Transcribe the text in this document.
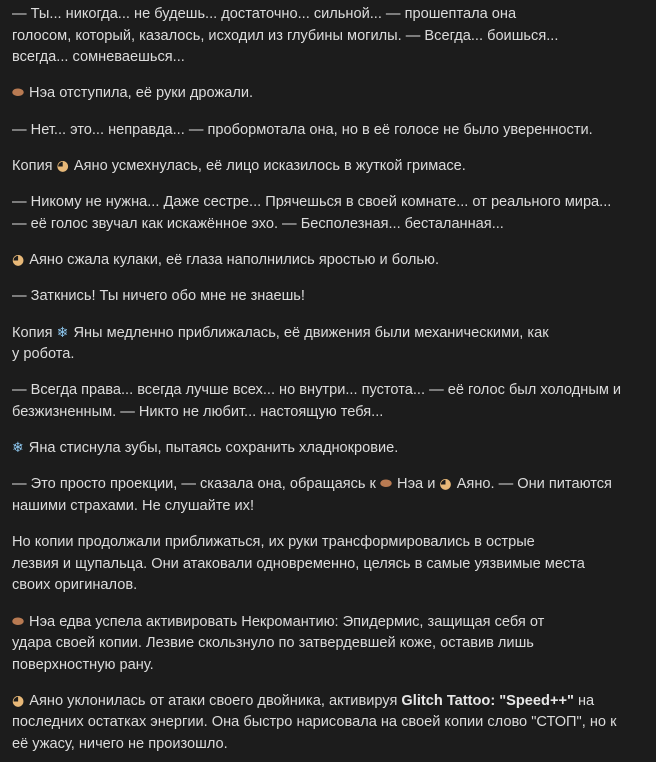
— Ты... никогда... не будешь... достаточно... сильной... — прошептала она
голосом, который, казалось, исходил из глубины могилы. — Всегда... боишься...
всегда... сомневаешься...

⬬ Нэа отступила, её руки дрожали.

— Нет... это... неправда... — пробормотала она, но в её голосе не было уверенности.

Копия ◕ Аяно усмехнулась, её лицо исказилось в жуткой гримасе.

— Никому не нужна... Даже сестре... Прячешься в своей комнате... от реального мира...
— её голос звучал как искажённое эхо. — Бесполезная... бесталанная...

◕ Аяно сжала кулаки, её глаза наполнились яростью и болью.

— Заткнись! Ты ничего обо мне не знаешь!

Копия ❄ Яны медленно приближалась, её движения были механическими, как
у робота.

— Всегда права... всегда лучше всех... но внутри... пустота... — её голос был холодным и
безжизненным. — Никто не любит... настоящую тебя...

❄ Яна стиснула зубы, пытаясь сохранить хладнокровие.

— Это просто проекции, — сказала она, обращаясь к ⬬ Нэа и ◕ Аяно. — Они питаются
нашими страхами. Не слушайте их!

Но копии продолжали приближаться, их руки трансформировались в острые
лезвия и щупальца. Они атаковали одновременно, целясь в самые уязвимые места
своих оригиналов.

⬬ Нэа едва успела активировать Некромантию: Эпидермис, защищая себя от
удара своей копии. Лезвие скользнуло по затвердевшей коже, оставив лишь
поверхностную рану.

◕ Аяно уклонилась от атаки своего двойника, активируя Glitch Tattoo: "Speed++" на
последних остатках энергии. Она быстро нарисовала на своей копии слово "СТОП", но к
её ужасу, ничего не произошло.
